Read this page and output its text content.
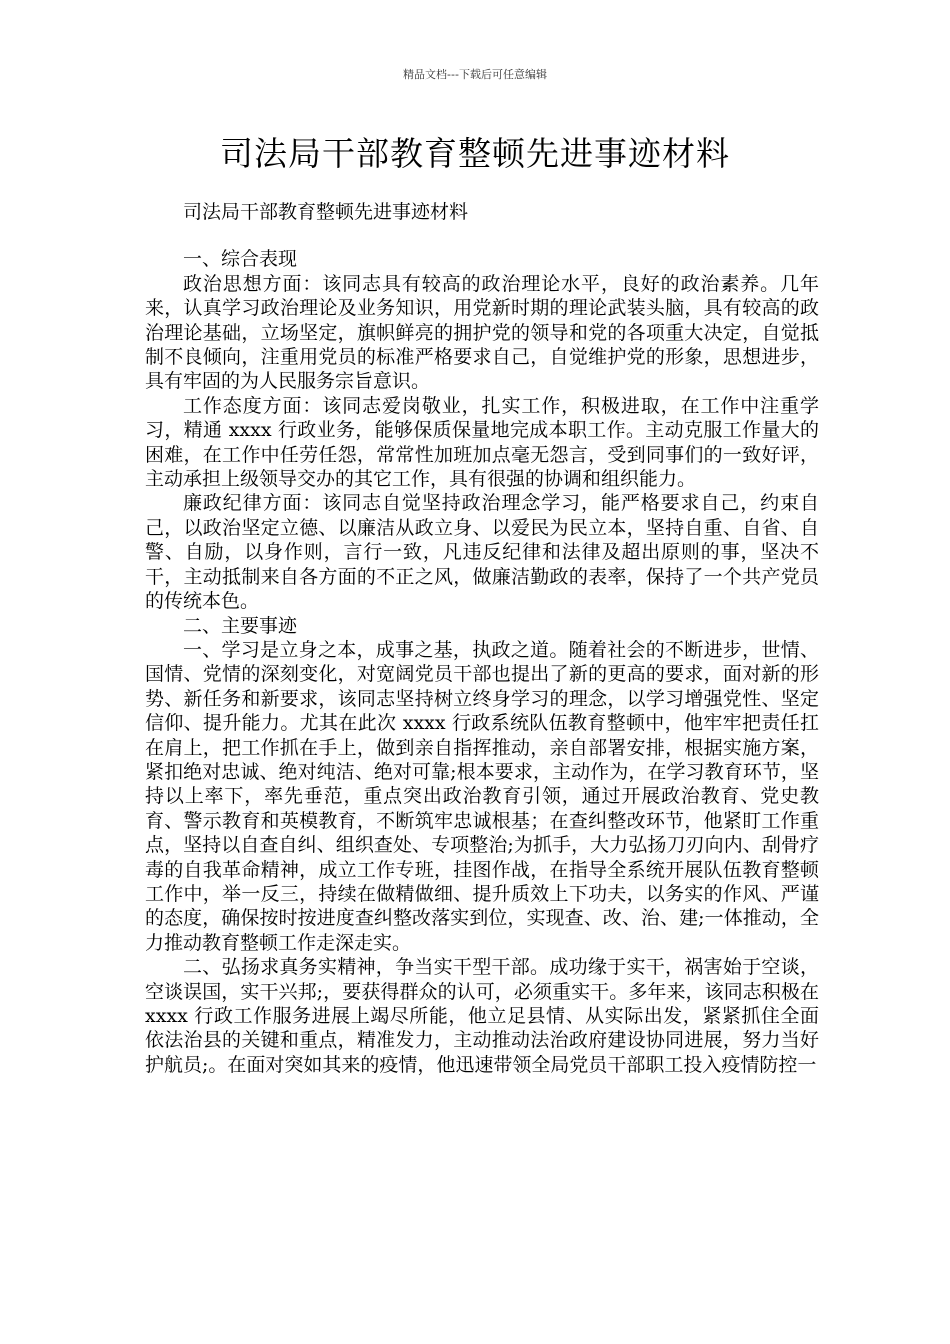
精品文档---下载后可任意编辑
司法局干部教育整顿先进事迹材料

司法局干部教育整顿先进事迹材料

一、综合表现

政治思想方面：该同志具有较高的政治理论水平，良好的政治素养。几年来，认真学习政治理论及业务知识，用党新时期的理论武装头脑，具有较高的政治理论基础，立场坚定，旗帜鲜亮的拥护党的领导和党的各项重大决定，自觉抵制不良倾向，注重用党员的标准严格要求自己，自觉维护党的形象，思想进步，具有牢固的为人民服务宗旨意识。

工作态度方面：该同志爱岗敬业，扎实工作，积极进取，在工作中注重学习，精通 xxxx 行政业务，能够保质保量地完成本职工作。主动克服工作量大的困难，在工作中任劳任怨，常常性加班加点毫无怨言，受到同事们的一致好评，主动承担上级领导交办的其它工作，具有很强的协调和组织能力。

廉政纪律方面：该同志自觉坚持政治理念学习，能严格要求自己，约束自己，以政治坚定立德、以廉洁从政立身、以爱民为民立本，坚持自重、自省、自警、自励，以身作则，言行一致，凡违反纪律和法律及超出原则的事，坚决不干，主动抵制来自各方面的不正之风，做廉洁勤政的表率，保持了一个共产党员的传统本色。

二、主要事迹

一、学习是立身之本，成事之基，执政之道。随着社会的不断进步，世情、国情、党情的深刻变化，对宽阔党员干部也提出了新的更高的要求，面对新的形势、新任务和新要求，该同志坚持树立终身学习的理念，以学习增强党性、坚定信仰、提升能力。尤其在此次 xxxx 行政系统队伍教育整顿中，他牢牢把责任扛在肩上，把工作抓在手上，做到亲自指挥推动，亲自部署安排，根据实施方案，紧扣绝对忠诚、绝对纯洁、绝对可靠;根本要求，主动作为，在学习教育环节，坚持以上率下，率先垂范，重点突出政治教育引领，通过开展政治教育、党史教育、警示教育和英模教育，不断筑牢忠诚根基；在查纠整改环节，他紧盯工作重点，坚持以自查自纠、组织查处、专项整治;为抓手，大力弘扬刀刃向内、刮骨疗毒的自我革命精神，成立工作专班，挂图作战，在指导全系统开展队伍教育整顿工作中，举一反三，持续在做精做细、提升质效上下功夫，以务实的作风、严谨的态度，确保按时按进度查纠整改落实到位，实现查、改、治、建;一体推动，全力推动教育整顿工作走深走实。

二、弘扬求真务实精神，争当实干型干部。成功缘于实干，祸害始于空谈，空谈误国，实干兴邦;，要获得群众的认可，必须重实干。多年来，该同志积极在 xxxx 行政工作服务进展上竭尽所能，他立足县情、从实际出发，紧紧抓住全面依法治县的关键和重点，精准发力，主动推动法治政府建设协同进展，努力当好护航员;。在面对突如其来的疫情，他迅速带领全局党员干部职工投入疫情防控一
